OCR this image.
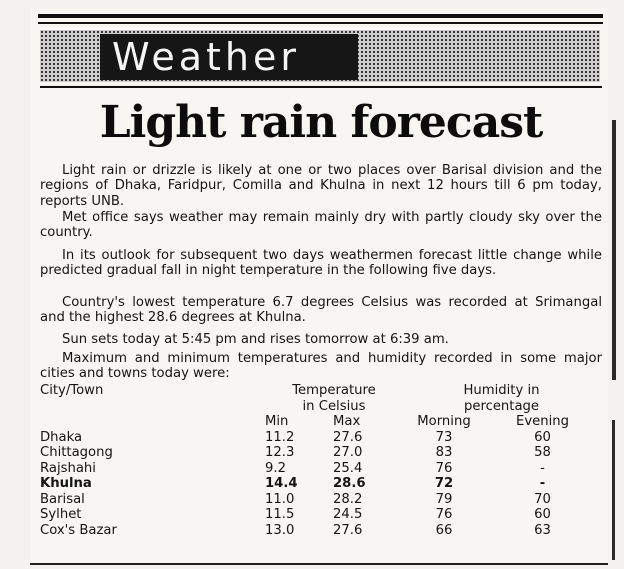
Weather
Light rain forecast

Light rain or drizzle is likely at one or two places over Barisal division and the regions of Dhaka, Faridpur, Comilla and Khulna in next 12 hours till 6 pm today, reports UNB.

Met office says weather may remain mainly dry with partly cloudy sky over the country.

In its outlook for subsequent two days weathermen forecast little change while predicted gradual fall in night temperature in the following five days.

Country's lowest temperature 6.7 degrees Celsius was recorded at Srimangal and the highest 28.6 degrees at Khulna.

Sun sets today at 5:45 pm and rises tomorrow at 6:39 am.

Maximum and minimum temperatures and humidity recorded in some major cities and towns today were:

City/Town	Temperature		Humidity in	
	in Celsius		percentage	
	Min	Max	Morning	Evening
Dhaka	11.2	27.6	73	60
Chittagong	12.3	27.0	83	58
Rajshahi	9.2	25.4	76	-
Khulna	14.4	28.6	72	-
Barisal	11.0	28.2	79	70
Sylhet	11.5	24.5	76	60
Cox's Bazar	13.0	27.6	66	63
